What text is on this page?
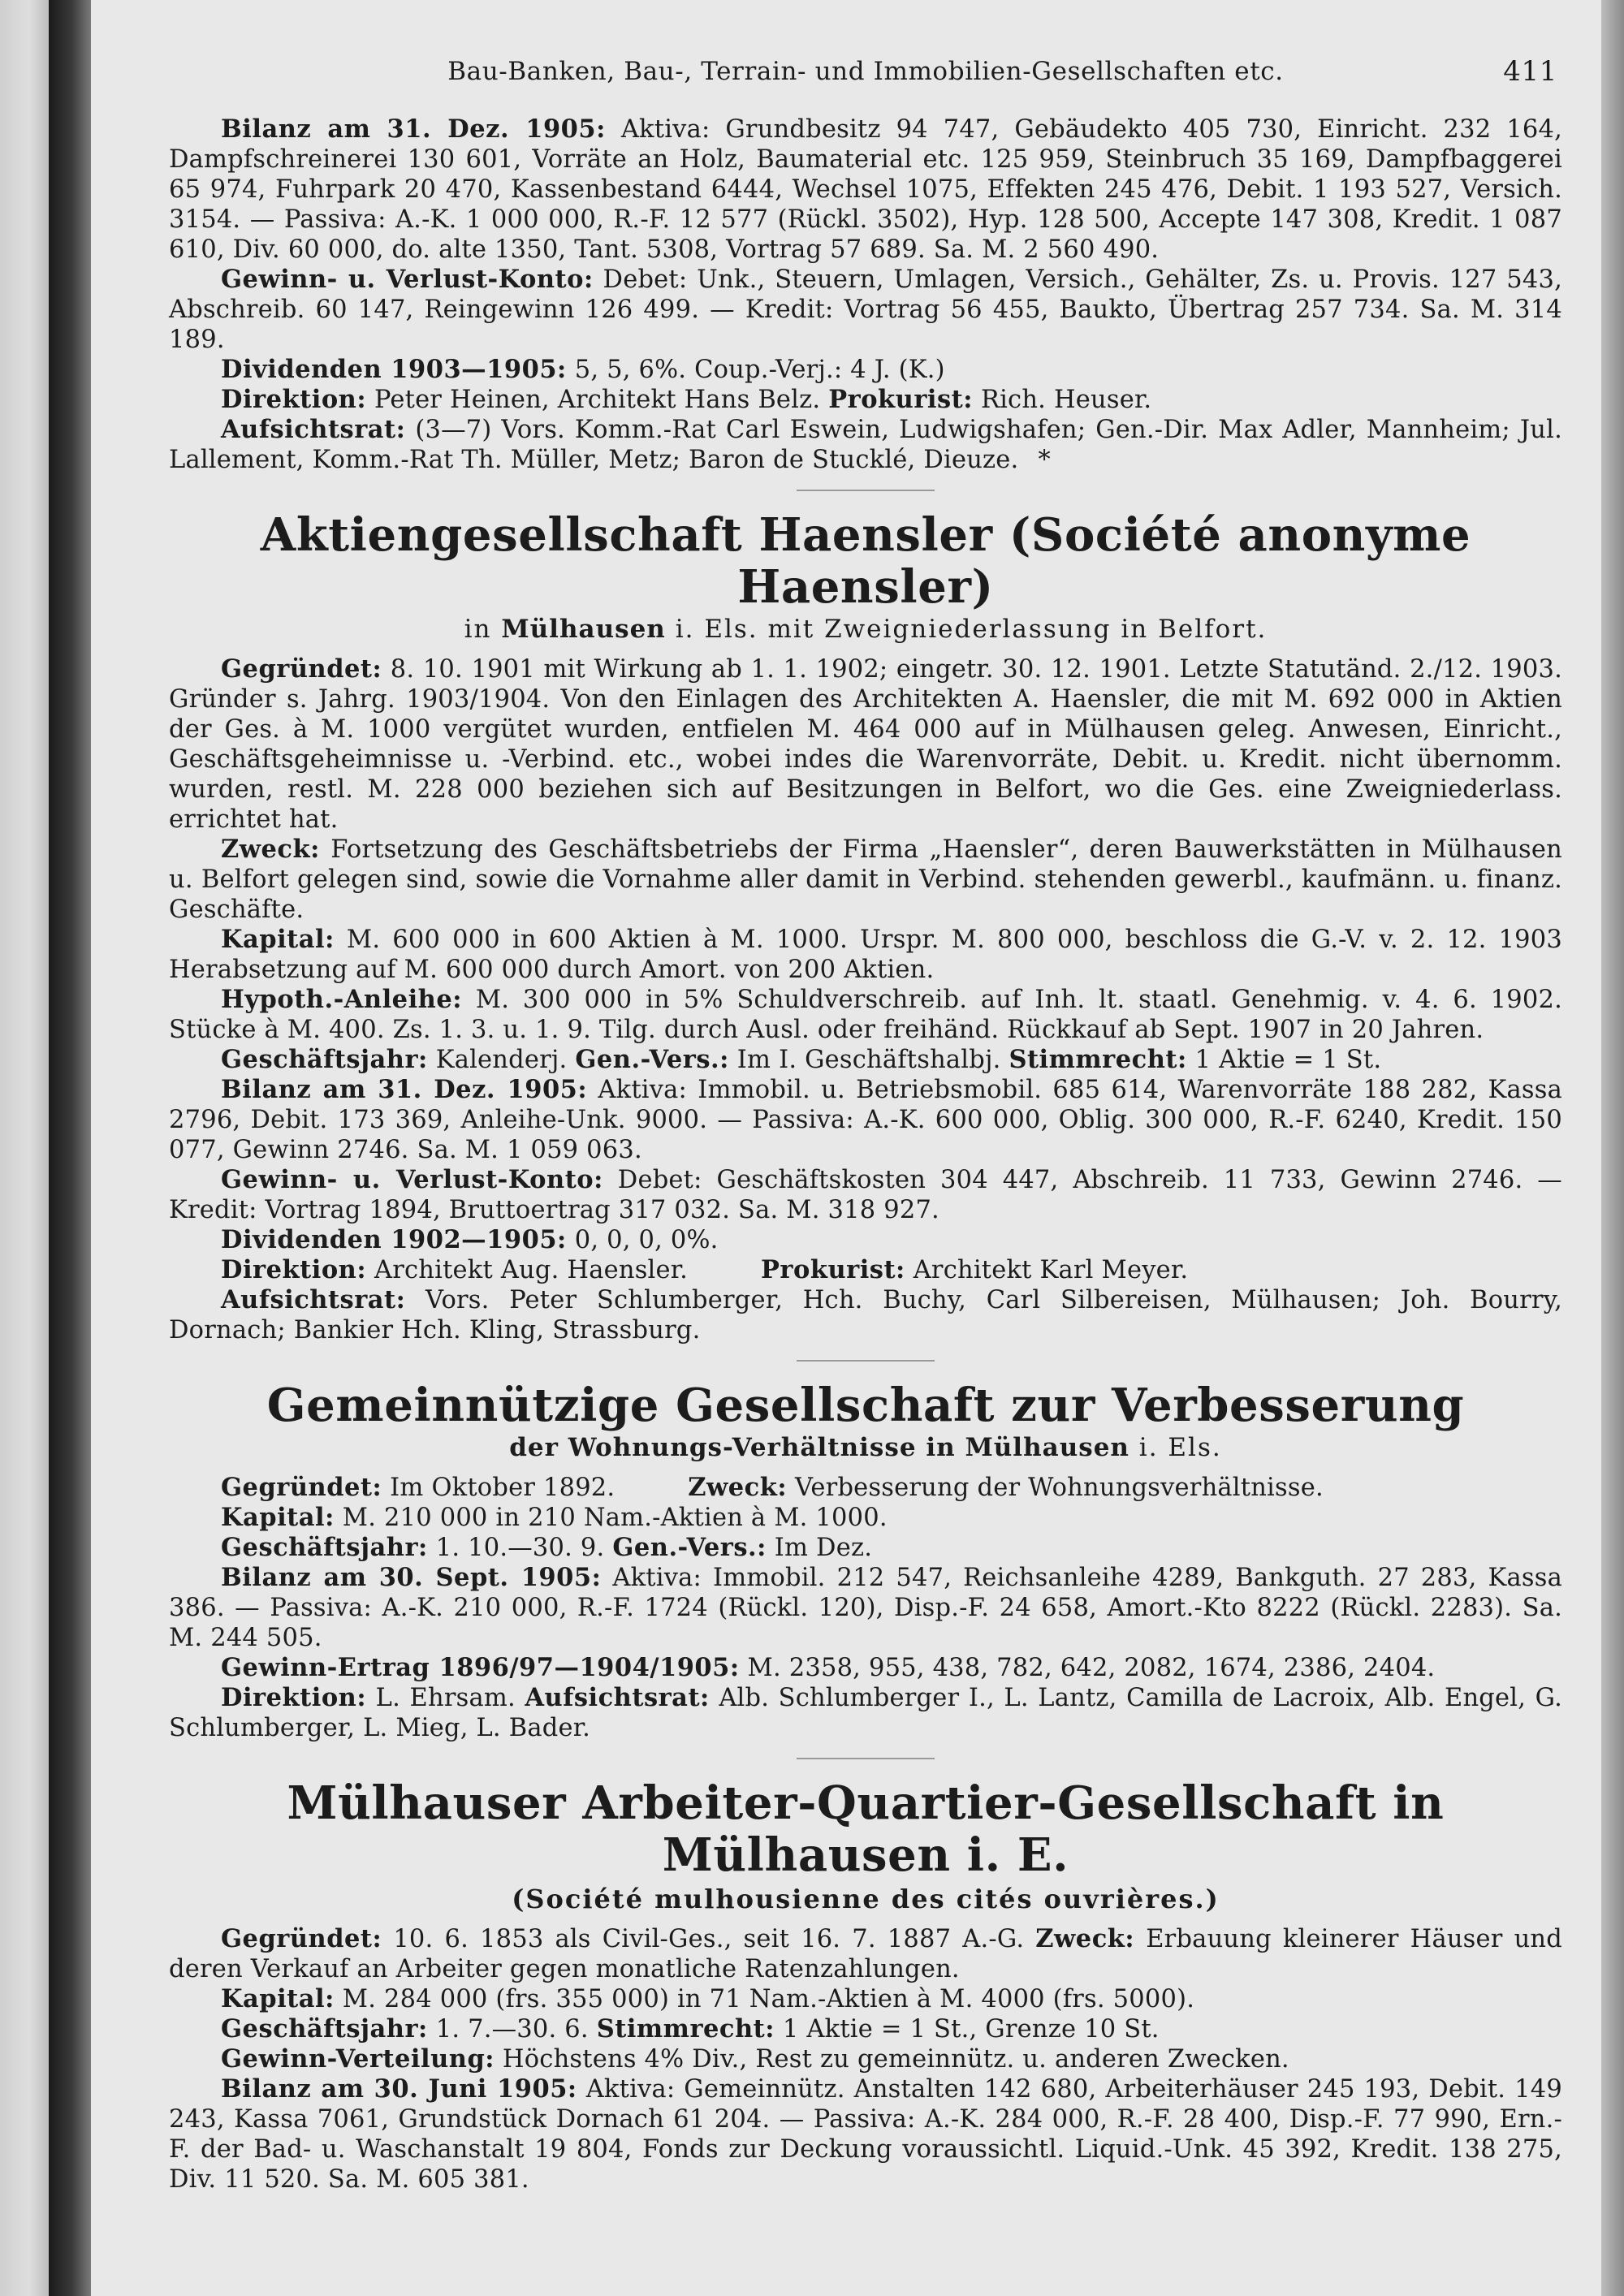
Bau-Banken, Bau-, Terrain- und Immobilien-Gesellschaften etc.	411

Bilanz am 31. Dez. 1905: Aktiva: Grundbesitz 94 747, Gebäudekto 405 730, Einricht. 232 164, Dampfschreinerei 130 601, Vorräte an Holz, Baumaterial etc. 125 959, Steinbruch 35 169, Dampfbaggerei 65 974, Fuhrpark 20 470, Kassenbestand 6444, Wechsel 1075, Effekten 245 476, Debit. 1 193 527, Versich. 3154. — Passiva: A.-K. 1 000 000, R.-F. 12 577 (Rückl. 3502), Hyp. 128 500, Accepte 147 308, Kredit. 1 087 610, Div. 60 000, do. alte 1350, Tant. 5308, Vortrag 57 689. Sa. M. 2 560 490.

Gewinn- u. Verlust-Konto: Debet: Unk., Steuern, Umlagen, Versich., Gehälter, Zs. u. Provis. 127 543, Abschreib. 60 147, Reingewinn 126 499. — Kredit: Vortrag 56 455, Baukto, Übertrag 257 734. Sa. M. 314 189.

Dividenden 1903—1905: 5, 5, 6%. Coup.-Verj.: 4 J. (K.)

Direktion: Peter Heinen, Architekt Hans Belz. Prokurist: Rich. Heuser.

Aufsichtsrat: (3—7) Vors. Komm.-Rat Carl Eswein, Ludwigshafen; Gen.-Dir. Max Adler, Mannheim; Jul. Lallement, Komm.-Rat Th. Müller, Metz; Baron de Stucklé, Dieuze. *

Aktiengesellschaft Haensler (Société anonyme Haensler)
in Mülhausen i. Els. mit Zweigniederlassung in Belfort.

Gegründet: 8. 10. 1901 mit Wirkung ab 1. 1. 1902; eingetr. 30. 12. 1901. Letzte Statutänd. 2./12. 1903. Gründer s. Jahrg. 1903/1904. Von den Einlagen des Architekten A. Haensler, die mit M. 692 000 in Aktien der Ges. à M. 1000 vergütet wurden, entfielen M. 464 000 auf in Mülhausen geleg. Anwesen, Einricht., Geschäftsgeheimnisse u. -Verbind. etc., wobei indes die Warenvorräte, Debit. u. Kredit. nicht übernomm. wurden, restl. M. 228 000 beziehen sich auf Besitzungen in Belfort, wo die Ges. eine Zweigniederlass. errichtet hat.

Zweck: Fortsetzung des Geschäftsbetriebs der Firma „Haensler“, deren Bauwerkstätten in Mülhausen u. Belfort gelegen sind, sowie die Vornahme aller damit in Verbind. stehenden gewerbl., kaufmänn. u. finanz. Geschäfte.

Kapital: M. 600 000 in 600 Aktien à M. 1000. Urspr. M. 800 000, beschloss die G.-V. v. 2. 12. 1903 Herabsetzung auf M. 600 000 durch Amort. von 200 Aktien.

Hypoth.-Anleihe: M. 300 000 in 5% Schuldverschreib. auf Inh. lt. staatl. Genehmig. v. 4. 6. 1902. Stücke à M. 400. Zs. 1. 3. u. 1. 9. Tilg. durch Ausl. oder freihänd. Rückkauf ab Sept. 1907 in 20 Jahren.

Geschäftsjahr: Kalenderj. Gen.-Vers.: Im I. Geschäftshalbj. Stimmrecht: 1 Aktie = 1 St.

Bilanz am 31. Dez. 1905: Aktiva: Immobil. u. Betriebsmobil. 685 614, Warenvorräte 188 282, Kassa 2796, Debit. 173 369, Anleihe-Unk. 9000. — Passiva: A.-K. 600 000, Oblig. 300 000, R.-F. 6240, Kredit. 150 077, Gewinn 2746. Sa. M. 1 059 063.

Gewinn- u. Verlust-Konto: Debet: Geschäftskosten 304 447, Abschreib. 11 733, Gewinn 2746. — Kredit: Vortrag 1894, Bruttoertrag 317 032. Sa. M. 318 927.

Dividenden 1902—1905: 0, 0, 0, 0%.

Direktion: Architekt Aug. Haensler.	Prokurist: Architekt Karl Meyer.

Aufsichtsrat: Vors. Peter Schlumberger, Hch. Buchy, Carl Silbereisen, Mülhausen; Joh. Bourry, Dornach; Bankier Hch. Kling, Strassburg.

Gemeinnützige Gesellschaft zur Verbesserung
der Wohnungs-Verhältnisse in Mülhausen i. Els.

Gegründet: Im Oktober 1892.	Zweck: Verbesserung der Wohnungsverhältnisse.

Kapital: M. 210 000 in 210 Nam.-Aktien à M. 1000.

Geschäftsjahr: 1. 10.—30. 9. Gen.-Vers.: Im Dez.

Bilanz am 30. Sept. 1905: Aktiva: Immobil. 212 547, Reichsanleihe 4289, Bankguth. 27 283, Kassa 386. — Passiva: A.-K. 210 000, R.-F. 1724 (Rückl. 120), Disp.-F. 24 658, Amort.-Kto 8222 (Rückl. 2283). Sa. M. 244 505.

Gewinn-Ertrag 1896/97—1904/1905: M. 2358, 955, 438, 782, 642, 2082, 1674, 2386, 2404.

Direktion: L. Ehrsam. Aufsichtsrat: Alb. Schlumberger I., L. Lantz, Camilla de Lacroix, Alb. Engel, G. Schlumberger, L. Mieg, L. Bader.

Mülhauser Arbeiter-Quartier-Gesellschaft in Mülhausen i. E.
(Société mulhousienne des cités ouvrières.)

Gegründet: 10. 6. 1853 als Civil-Ges., seit 16. 7. 1887 A.-G. Zweck: Erbauung kleinerer Häuser und deren Verkauf an Arbeiter gegen monatliche Ratenzahlungen.

Kapital: M. 284 000 (frs. 355 000) in 71 Nam.-Aktien à M. 4000 (frs. 5000).

Geschäftsjahr: 1. 7.—30. 6. Stimmrecht: 1 Aktie = 1 St., Grenze 10 St.

Gewinn-Verteilung: Höchstens 4% Div., Rest zu gemeinnütz. u. anderen Zwecken.

Bilanz am 30. Juni 1905: Aktiva: Gemeinnütz. Anstalten 142 680, Arbeiterhäuser 245 193, Debit. 149 243, Kassa 7061, Grundstück Dornach 61 204. — Passiva: A.-K. 284 000, R.-F. 28 400, Disp.-F. 77 990, Ern.-F. der Bad- u. Waschanstalt 19 804, Fonds zur Deckung voraussichtl. Liquid.-Unk. 45 392, Kredit. 138 275, Div. 11 520. Sa. M. 605 381.
